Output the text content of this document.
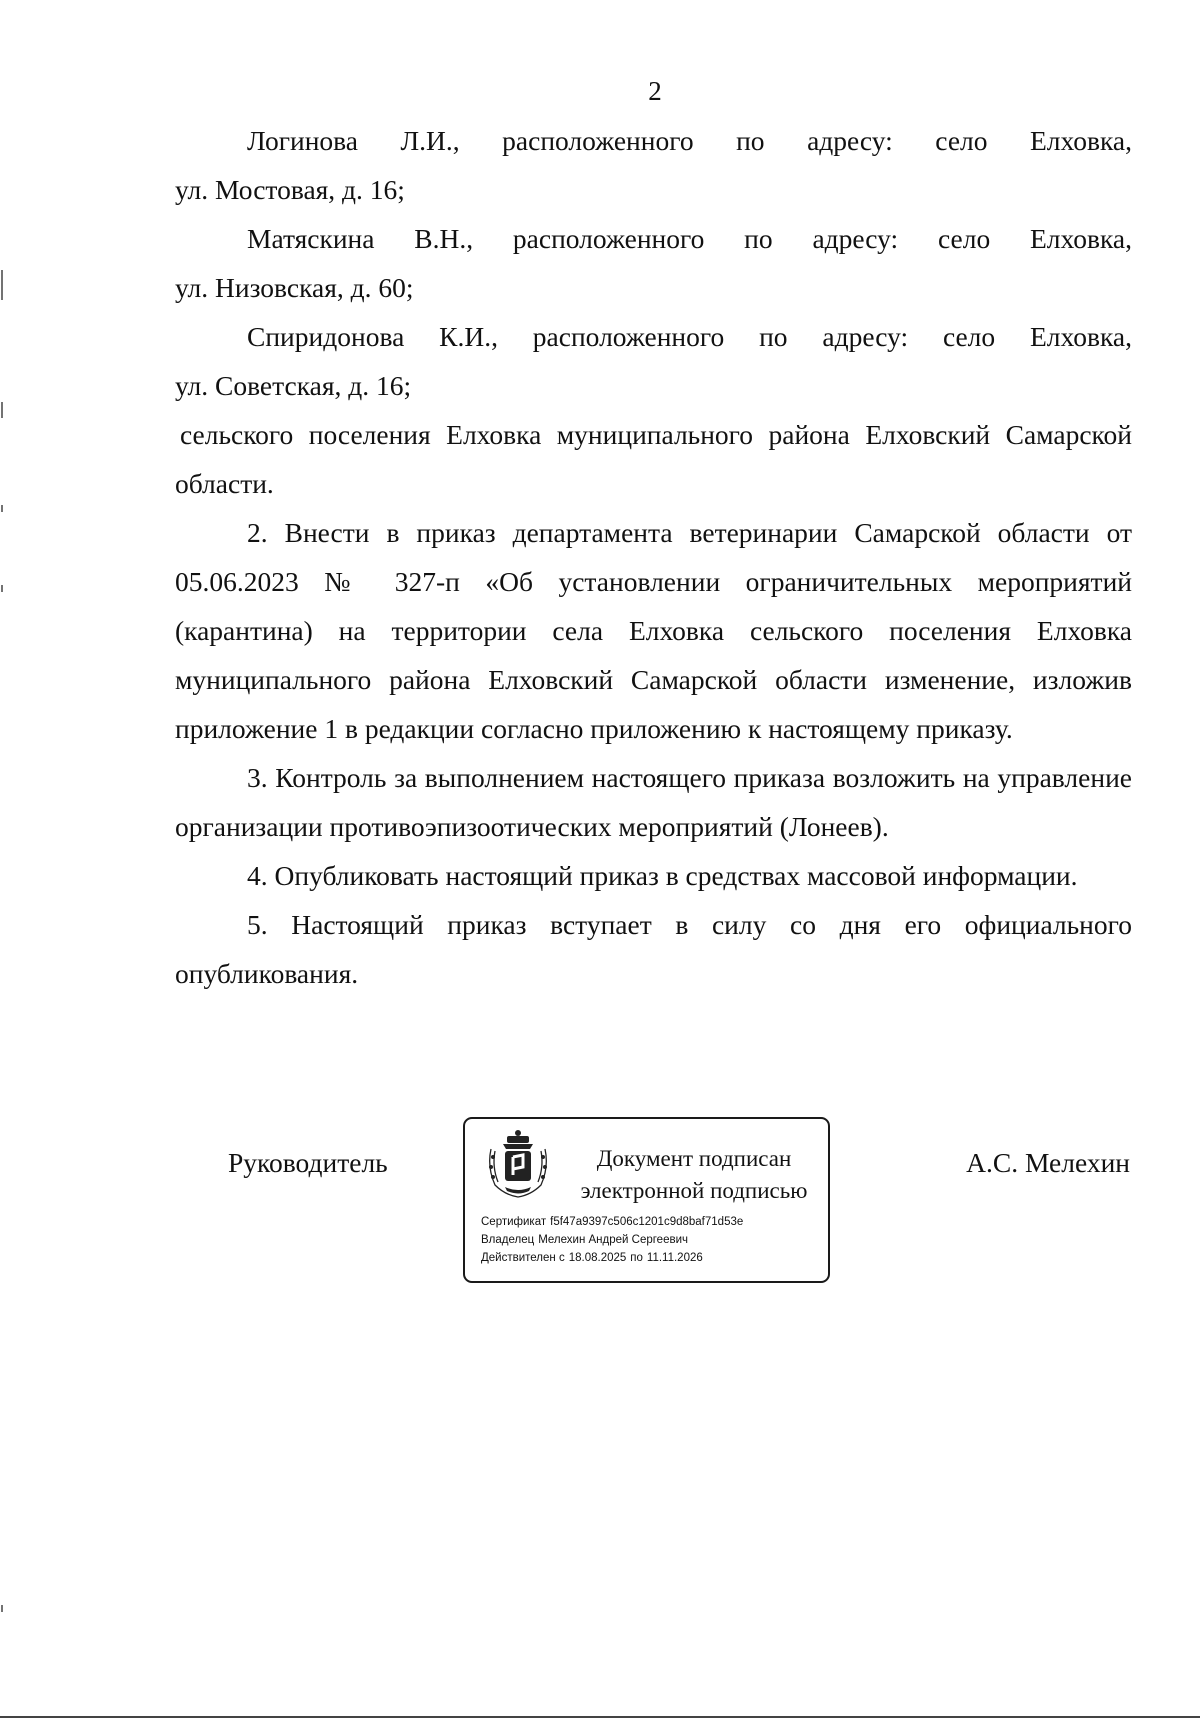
2

Логинова Л.И., расположенного по адресу: село Елховка,

ул. Мостовая, д. 16;

Матяскина В.Н., расположенного по адресу: село Елховка,

ул. Низовская, д. 60;

Спиридонова К.И., расположенного по адресу: село Елховка,

ул. Советская, д. 16;

сельского поселения Елховка муниципального района Елховский Самарской области.

2. Внести в приказ департамента ветеринарии Самарской области от 05.06.2023 № 327-п «Об установлении ограничительных мероприятий (карантина) на территории села Елховка сельского поселения Елховка муниципального района Елховский Самарской области изменение, изложив приложение 1 в редакции согласно приложению к настоящему приказу.

3. Контроль за выполнением настоящего приказа возложить на управление организации противоэпизоотических мероприятий (Лонеев).

4. Опубликовать настоящий приказ в средствах массовой информации.

5. Настоящий приказ вступает в силу со дня его официального опубликования.

Руководитель	Документ подписан
электронной подписью
Сертификат f5f47a9397c506c1201c9d8baf71d53e
Владелец Мелехин Андрей Сергеевич
Действителен с 18.08.2025 по 11.11.2026
А.С. Мелехин
